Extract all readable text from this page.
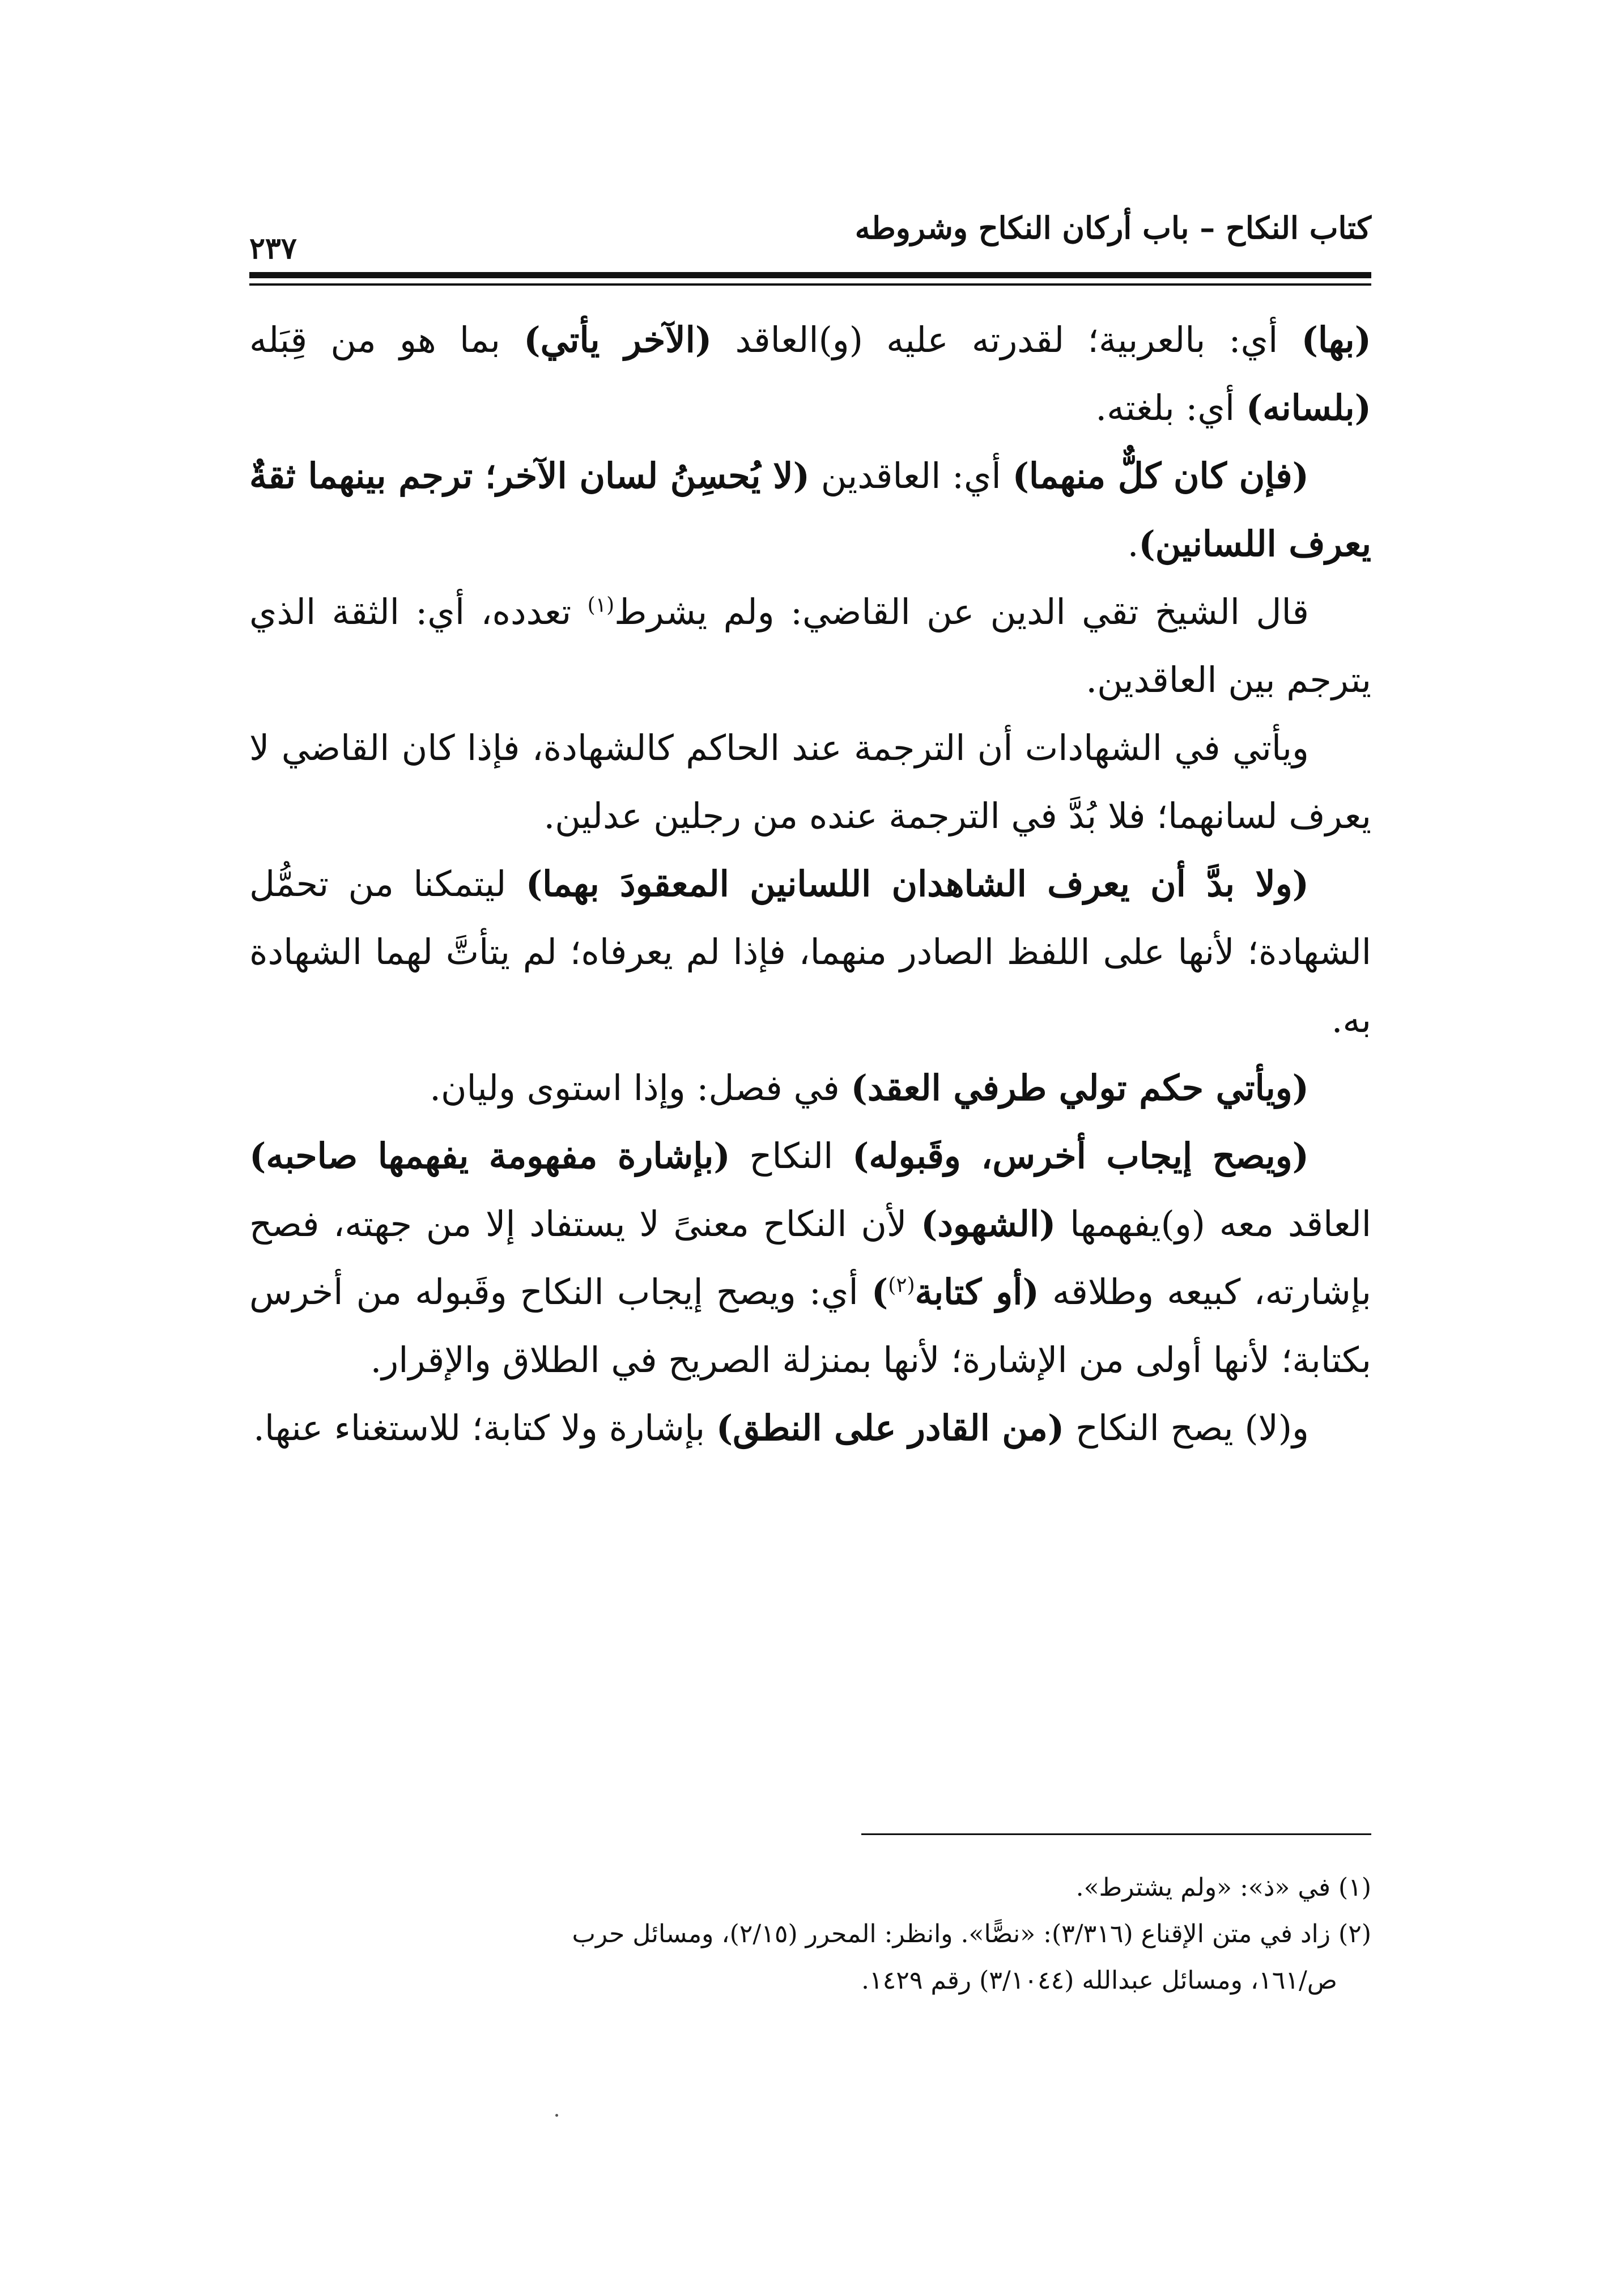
كتاب النكاح – باب أركان النكاح وشروطه
٢٣٧

(بها) أي: بالعربية؛ لقدرته عليه (و)العاقد (الآخر يأتي) بما هو من قِبَله (بلسانه) أي: بلغته.

(فإن كان كلٌّ منهما) أي: العاقدين (لا يُحسِنُ لسان الآخر؛ ترجم بينهما ثقةٌ يعرف اللسانين).

قال الشيخ تقي الدين عن القاضي: ولم يشرط$^{(١)}$ تعدده، أي: الثقة الذي يترجم بين العاقدين.

ويأتي في الشهادات أن الترجمة عند الحاكم كالشهادة، فإذا كان القاضي لا يعرف لسانهما؛ فلا بُدَّ في الترجمة عنده من رجلين عدلين.

(ولا بدَّ أن يعرف الشاهدان اللسانين المعقودَ بهما) ليتمكنا من تحمُّل الشهادة؛ لأنها على اللفظ الصادر منهما، فإذا لم يعرفاه؛ لم يتأتَّ لهما الشهادة به.

(ويأتي حكم تولي طرفي العقد) في فصل: وإذا استوى وليان.

(ويصح إيجاب أخرس، وقَبوله) النكاح (بإشارة مفهومة يفهمها صاحبه) العاقد معه (و)يفهمها (الشهود) لأن النكاح معنىً لا يستفاد إلا من جهته، فصح بإشارته، كبيعه وطلاقه (أو كتابة$^{(٢)}$) أي: ويصح إيجاب النكاح وقَبوله من أخرس بكتابة؛ لأنها أولى من الإشارة؛ لأنها بمنزلة الصريح في الطلاق والإقرار.

و(لا) يصح النكاح (من القادر على النطق) بإشارة ولا كتابة؛ للاستغناء عنها.

(١) في «ذ»: «ولم يشترط».

(٢) زاد في متن الإقناع (٣/٣١٦): «نصًّا». وانظر: المحرر (٢/١٥)، ومسائل حرب

ص/١٦١، ومسائل عبدالله (٣/١٠٤٤) رقم ١٤٢٩.
